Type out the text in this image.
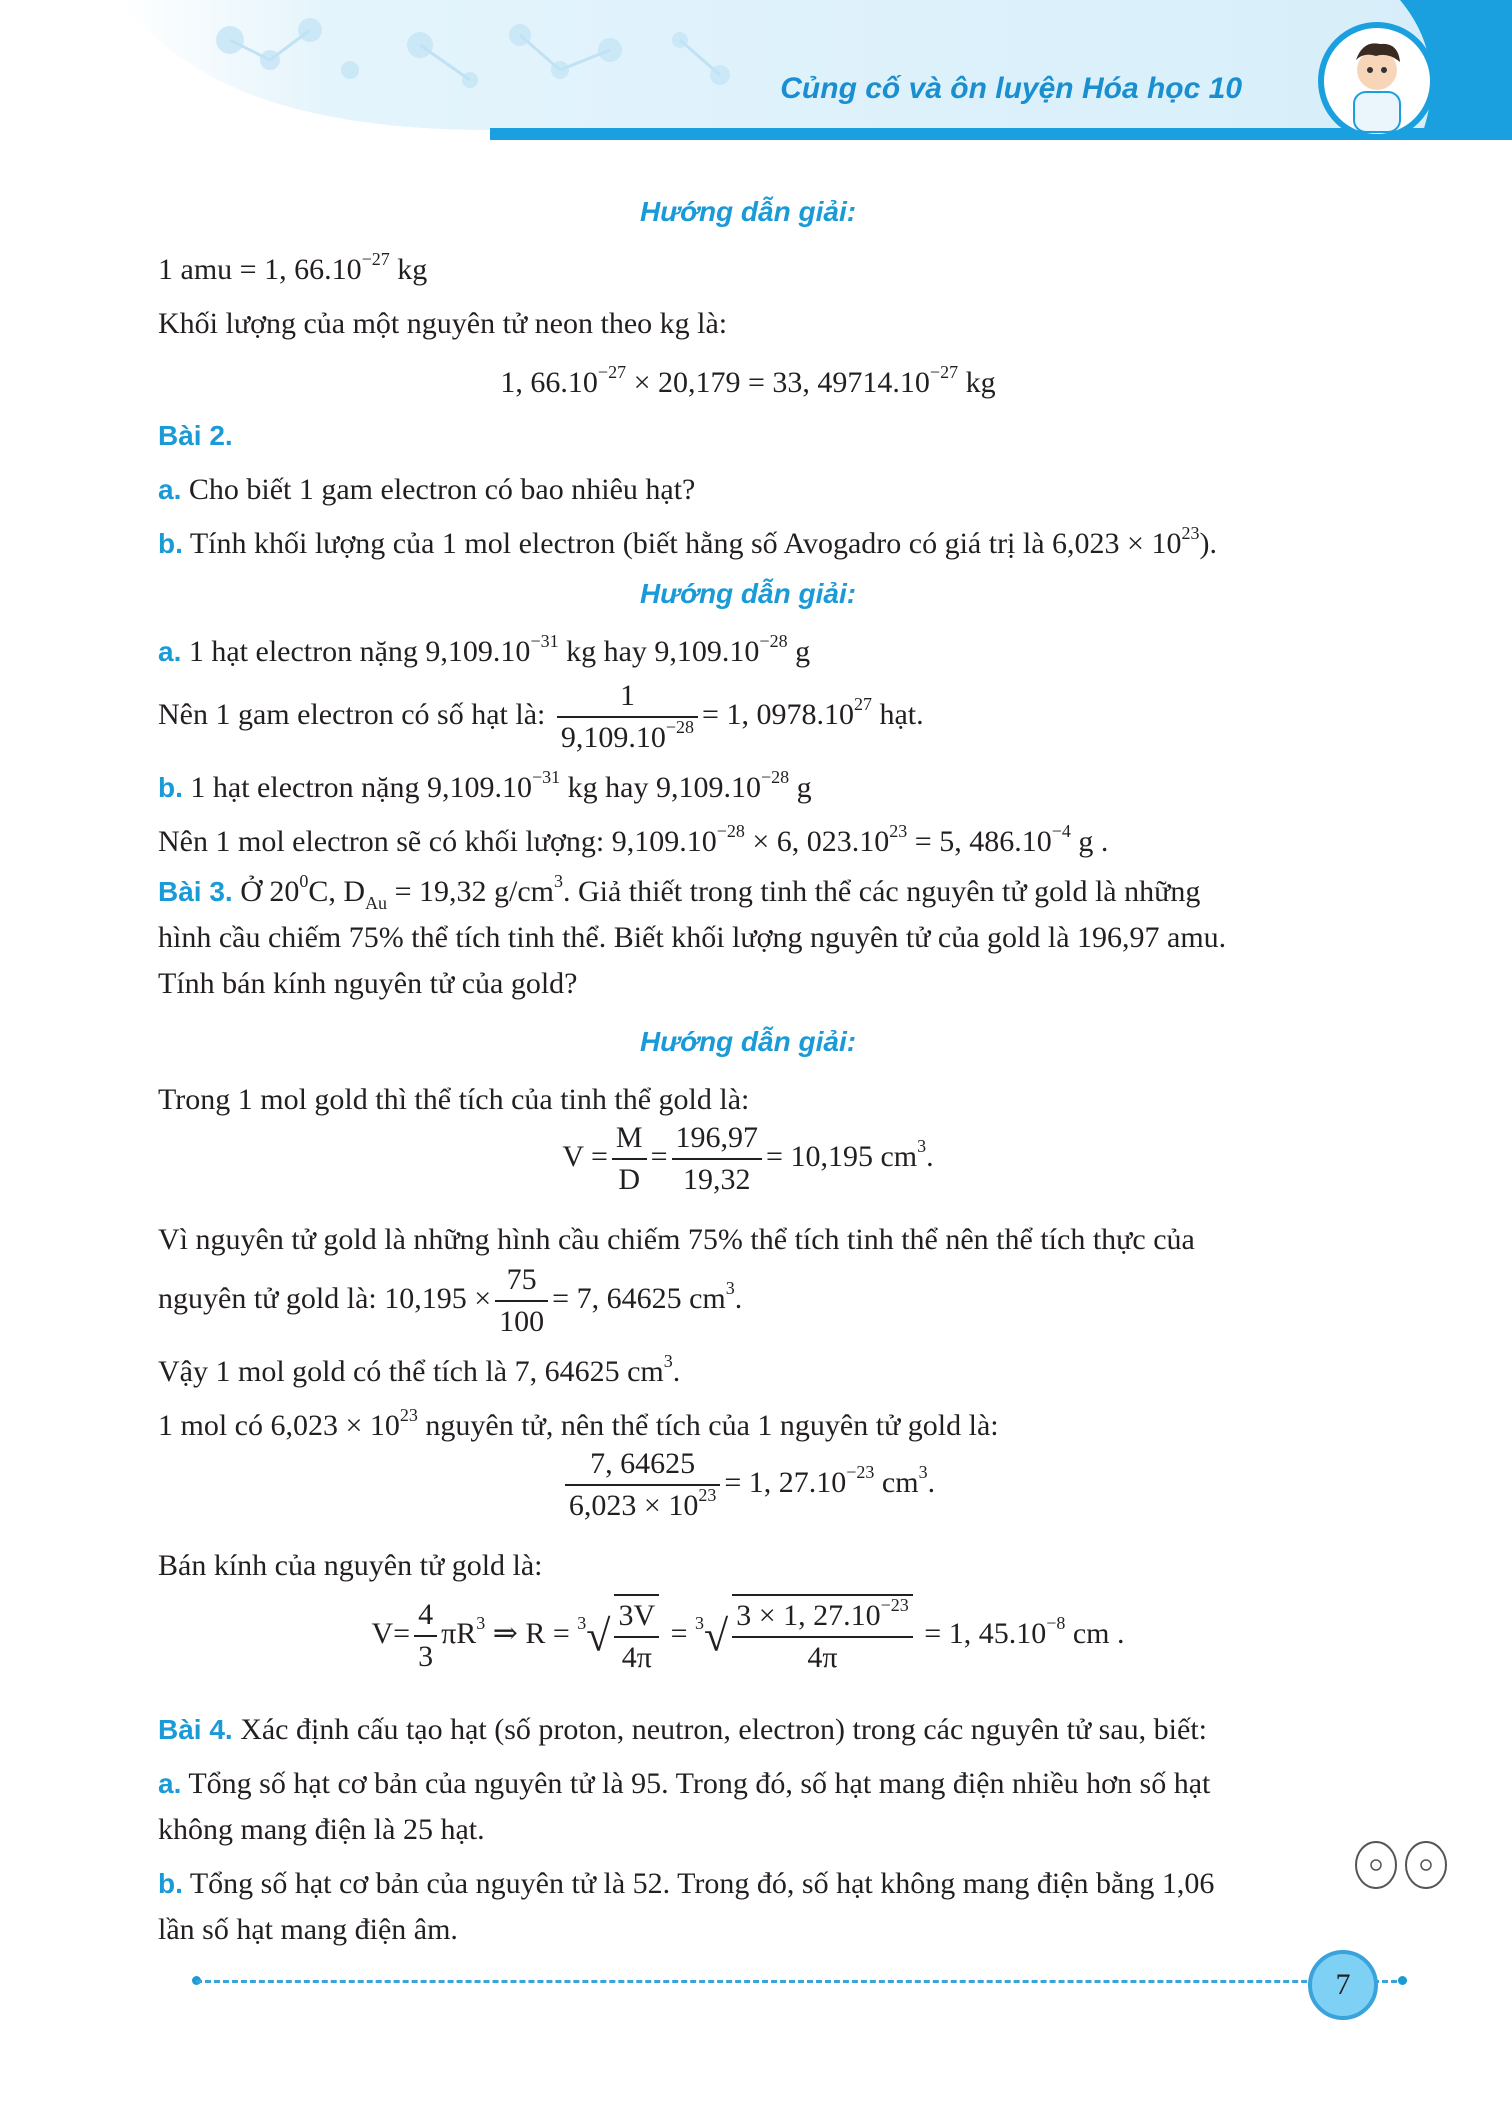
Củng cố và ôn luyện Hóa học 10
Hướng dẫn giải:
1 amu = 1, $66.10^{-27}$ kg
Khối lượng của một nguyên tử neon theo kg là:
1, $66.10^{-27} \times 20,179 = 33$, $49714.10^{-27}$ kg
Bài 2.
a. Cho biết 1 gam electron có bao nhiêu hạt?
b. Tính khối lượng của 1 mol electron (biết hằng số Avogadro có giá trị là $6,023 \times 10^{23}$).
Hướng dẫn giải:
a. 1 hạt electron nặng $9,109.10^{-31}$ kg hay $9,109.10^{-28}$ g
Nên 1 gam electron có số hạt là: $\frac{1}{9,109.10^{-28}} = 1$, 0978.10$^{27}$ hạt.
b. 1 hạt electron nặng $9,109.10^{-31}$ kg hay $9,109.10^{-28}$ g
Nên 1 mol electron sẽ có khối lượng: $9,109.10^{-28} \times 6$, $023.10^{23} = 5$, $486.10^{-4}$ g .
Bài 3. Ở $20^0C$, $D_{Au} = 19,32$ $g/cm^3$. Giả thiết trong tinh thể các nguyên tử gold là những
hình cầu chiếm 75% thể tích tinh thể. Biết khối lượng nguyên tử của gold là 196,97 amu.
Tính bán kính nguyên tử của gold?
Hướng dẫn giải:
Trong 1 mol gold thì thể tích của tinh thể gold là:
$V = \frac{M}{D} = \frac{196,97}{19,32} = 10,195$ $cm^3$.
Vì nguyên tử gold là những hình cầu chiếm 75% thể tích tinh thể nên thể tích thực của
nguyên tử gold là: $10,195 \times \frac{75}{100} = 7$, 64625 $cm^3$.
Vậy 1 mol gold có thể tích là 7, 64625 $cm^3$.
1 mol có $6,023 \times 10^{23}$ nguyên tử, nên thể tích của 1 nguyên tử gold là:
$\frac{7, 64625}{6,023 \times 10^{23}} = 1$, $27.10^{-23}$ $cm^3$.
Bán kính của nguyên tử gold là:
$V= \frac{4}{3} \pi R^3$ ⇒ $R = ^3√ \frac{3V}{4\pi} = ^3√ \frac{3 \times 1, 27.10^{-23}}{4\pi} = 1$, $45.10^{-8}$ cm .
Bài 4. Xác định cấu tạo hạt (số proton, neutron, electron) trong các nguyên tử sau, biết:
a. Tổng số hạt cơ bản của nguyên tử là 95. Trong đó, số hạt mang điện nhiều hơn số hạt
không mang điện là 25 hạt.
b. Tổng số hạt cơ bản của nguyên tử là 52. Trong đó, số hạt không mang điện bằng 1,06
lần số hạt mang điện âm.
7
